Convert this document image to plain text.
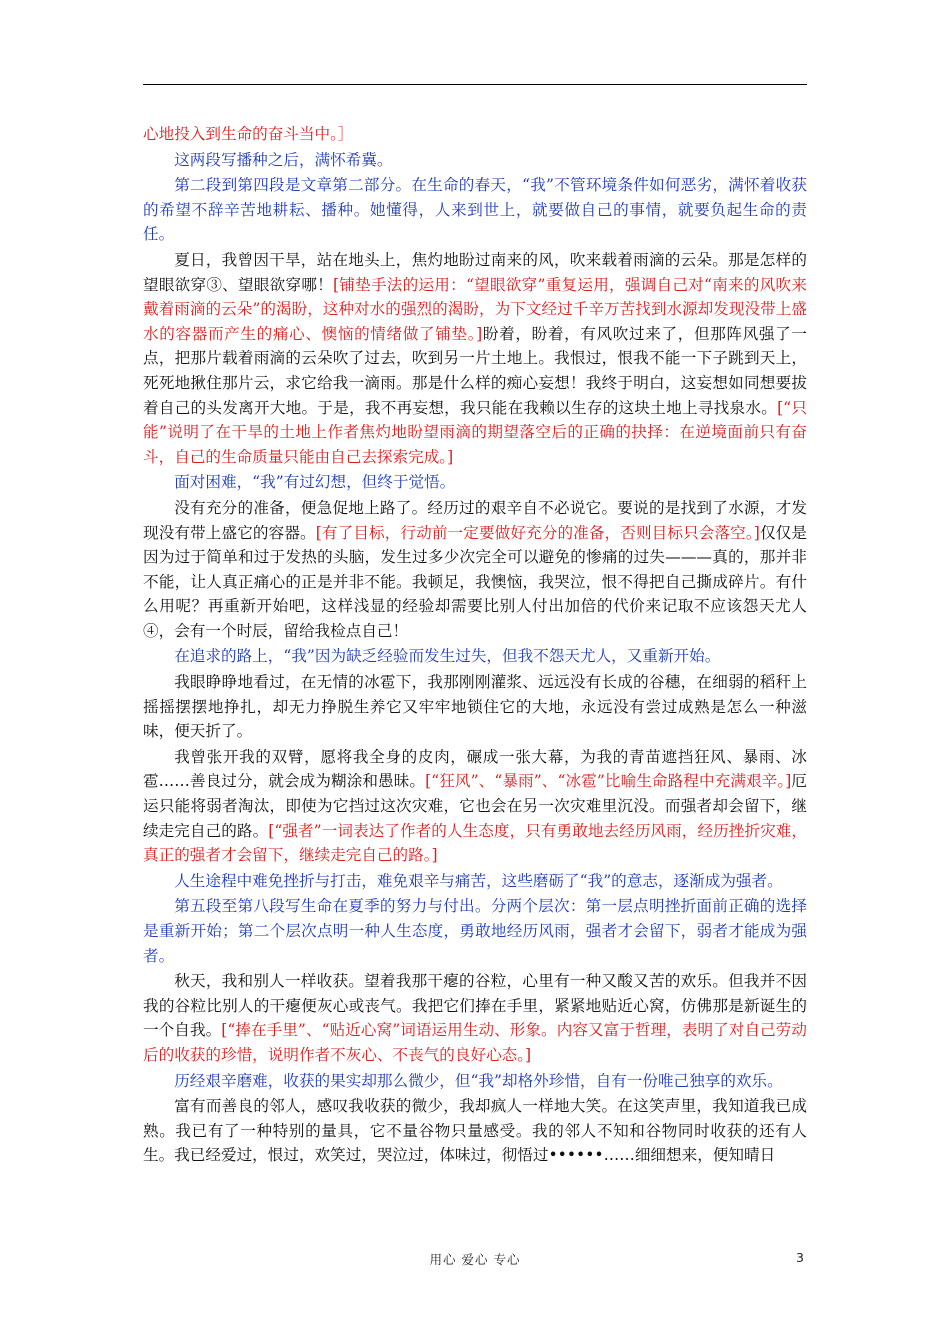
心地投入到生命的奋斗当中。］

这两段写播种之后，满怀希冀。

第二段到第四段是文章第二部分。在生命的春天，“我”不管环境条件如何恶劣，满怀着收获的希望不辞辛苦地耕耘、播种。她懂得，人来到世上，就要做自己的事情，就要负起生命的责任。

夏日，我曾因干旱，站在地头上，焦灼地盼过南来的风，吹来载着雨滴的云朵。那是怎样的望眼欲穿③、望眼欲穿哪！[铺垫手法的运用：“望眼欲穿”重复运用，强调自己对“南来的风吹来戴着雨滴的云朵”的渴盼，这种对水的强烈的渴盼，为下文经过千辛万苦找到水源却发现没带上盛水的容器而产生的痛心、懊恼的情绪做了铺垫。]盼着，盼着，有风吹过来了，但那阵风强了一点，把那片载着雨滴的云朵吹了过去，吹到另一片土地上。我恨过，恨我不能一下子跳到天上，死死地揪住那片云，求它给我一滴雨。那是什么样的痴心妄想！我终于明白，这妄想如同想要拔着自己的头发离开大地。于是，我不再妄想，我只能在我赖以生存的这块土地上寻找泉水。[“只能”说明了在干旱的土地上作者焦灼地盼望雨滴的期望落空后的正确的抉择：在逆境面前只有奋斗，自己的生命质量只能由自己去探索完成。]

面对困难，“我”有过幻想，但终于觉悟。

没有充分的准备，便急促地上路了。经历过的艰辛自不必说它。要说的是找到了水源，才发现没有带上盛它的容器。[有了目标，行动前一定要做好充分的准备，否则目标只会落空。]仅仅是因为过于简单和过于发热的头脑，发生过多少次完全可以避免的惨痛的过失———真的，那并非不能，让人真正痛心的正是并非不能。我顿足，我懊恼，我哭泣，恨不得把自己撕成碎片。有什么用呢？再重新开始吧，这样浅显的经验却需要比别人付出加倍的代价来记取不应该怨天尤人④，会有一个时辰，留给我检点自己！

在追求的路上，“我”因为缺乏经验而发生过失，但我不怨天尤人，又重新开始。

我眼睁睁地看过，在无情的冰雹下，我那刚刚灌浆、远远没有长成的谷穗，在细弱的稻秆上摇摇摆摆地挣扎，却无力挣脱生养它又牢牢地锁住它的大地，永远没有尝过成熟是怎么一种滋味，便天折了。

我曾张开我的双臂，愿将我全身的皮肉，碾成一张大幕，为我的青苗遮挡狂风、暴雨、冰雹……善良过分，就会成为糊涂和愚昧。[“狂风”、“暴雨”、“冰雹”比喻生命路程中充满艰辛。]厄运只能将弱者淘汰，即使为它挡过这次灾难，它也会在另一次灾难里沉没。而强者却会留下，继续走完自己的路。[“强者”一词表达了作者的人生态度，只有勇敢地去经历风雨，经历挫折灾难，真正的强者才会留下，继续走完自己的路。]

人生途程中难免挫折与打击，难免艰辛与痛苦，这些磨砺了“我”的意志，逐渐成为强者。

第五段至第八段写生命在夏季的努力与付出。分两个层次：第一层点明挫折面前正确的选择是重新开始；第二个层次点明一种人生态度，勇敢地经历风雨，强者才会留下，弱者才能成为强者。

秋天，我和别人一样收获。望着我那干瘪的谷粒，心里有一种又酸又苦的欢乐。但我并不因我的谷粒比别人的干瘪便灰心或丧气。我把它们捧在手里，紧紧地贴近心窝，仿佛那是新诞生的一个自我。[“捧在手里”、“贴近心窝”词语运用生动、形象。内容又富于哲理，表明了对自己劳动后的收获的珍惜，说明作者不灰心、不丧气的良好心态。]

历经艰辛磨难，收获的果实却那么微少，但“我”却格外珍惜，自有一份唯己独享的欢乐。

富有而善良的邻人，感叹我收获的微少，我却疯人一样地大笑。在这笑声里，我知道我已成熟。我已有了一种特别的量具，它不量谷物只量感受。我的邻人不知和谷物同时收获的还有人生。我已经爱过，恨过，欢笑过，哭泣过，体味过，彻悟过••••••……细细想来，便知晴日

用心 爱心 专心	3
